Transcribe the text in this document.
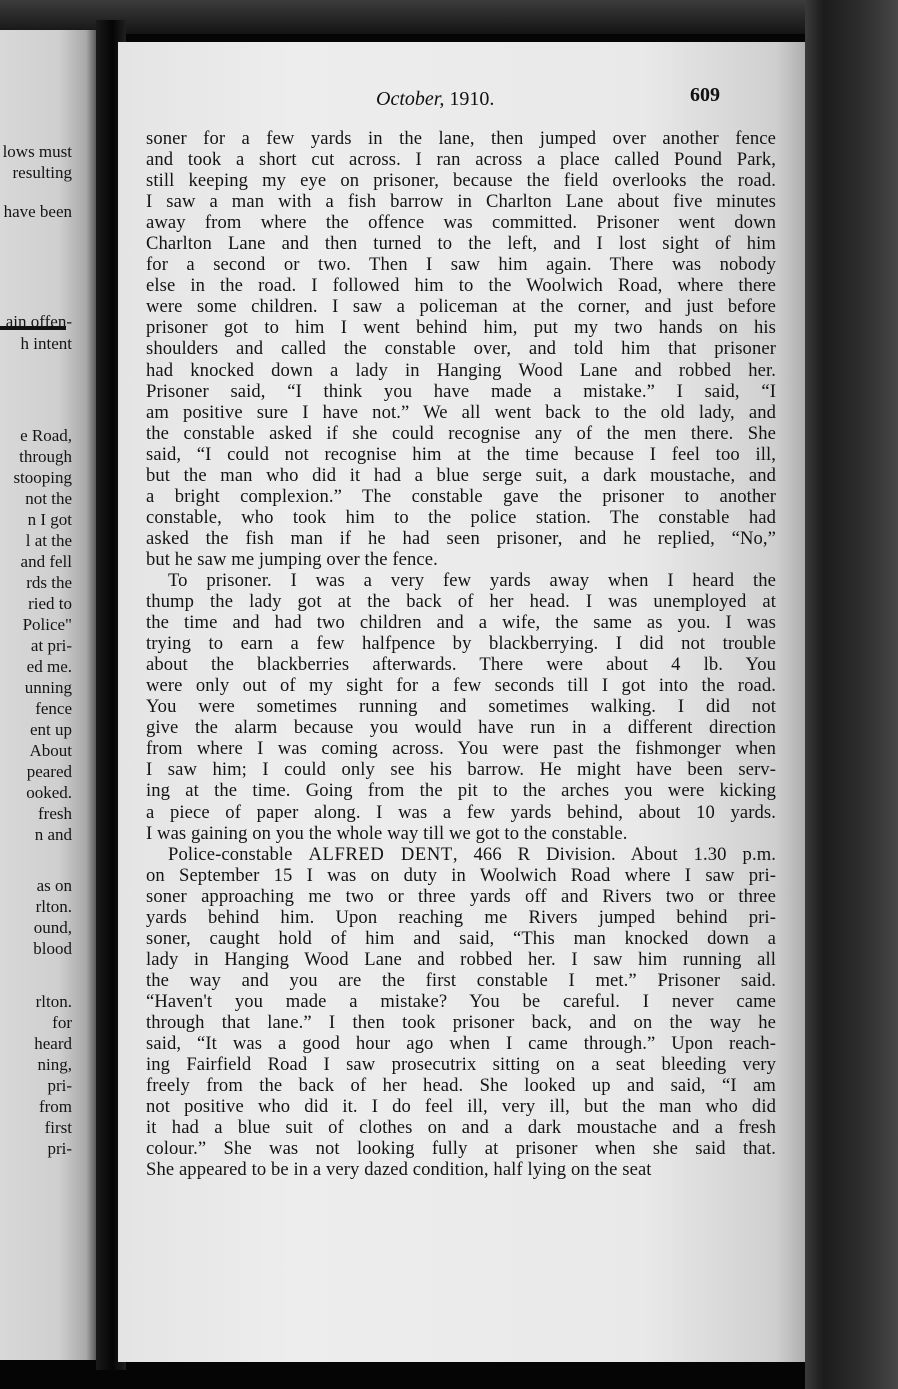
lows must
resulting
have been
ain offen-
h intent
e Road,
through
stooping
not the
n I got
l at the
and fell
rds the
ried to
Police"
at pri-
ed me.
unning
fence
ent up
About
peared
ooked.
fresh
n and
as on
rlton.
ound,
blood
rlton.
for
heard
ning,
pri-
from
first
pri-
October, 1910.	609
soner for a few yards in the lane, then jumped over another fence
and took a short cut across. I ran across a place called Pound Park,
still keeping my eye on prisoner, because the field overlooks the road.
I saw a man with a fish barrow in Charlton Lane about five minutes
away from where the offence was committed. Prisoner went down
Charlton Lane and then turned to the left, and I lost sight of him
for a second or two. Then I saw him again. There was nobody
else in the road. I followed him to the Woolwich Road, where there
were some children. I saw a policeman at the corner, and just before
prisoner got to him I went behind him, put my two hands on his
shoulders and called the constable over, and told him that prisoner
had knocked down a lady in Hanging Wood Lane and robbed her.
Prisoner said, “I think you have made a mistake.” I said, “I
am positive sure I have not.” We all went back to the old lady, and
the constable asked if she could recognise any of the men there. She
said, “I could not recognise him at the time because I feel too ill,
but the man who did it had a blue serge suit, a dark moustache, and
a bright complexion.” The constable gave the prisoner to another
constable, who took him to the police station. The constable had
asked the fish man if he had seen prisoner, and he replied, “No,”
but he saw me jumping over the fence.
To prisoner. I was a very few yards away when I heard the
thump the lady got at the back of her head. I was unemployed at
the time and had two children and a wife, the same as you. I was
trying to earn a few halfpence by blackberrying. I did not trouble
about the blackberries afterwards. There were about 4 lb. You
were only out of my sight for a few seconds till I got into the road.
You were sometimes running and sometimes walking. I did not
give the alarm because you would have run in a different direction
from where I was coming across. You were past the fishmonger when
I saw him; I could only see his barrow. He might have been serv-
ing at the time. Going from the pit to the arches you were kicking
a piece of paper along. I was a few yards behind, about 10 yards.
I was gaining on you the whole way till we got to the constable.
Police-constable ALFRED DENT, 466 R Division. About 1.30 p.m.
on September 15 I was on duty in Woolwich Road where I saw pri-
soner approaching me two or three yards off and Rivers two or three
yards behind him. Upon reaching me Rivers jumped behind pri-
soner, caught hold of him and said, “This man knocked down a
lady in Hanging Wood Lane and robbed her. I saw him running all
the way and you are the first constable I met.” Prisoner said.
“Haven't you made a mistake? You be careful. I never came
through that lane.” I then took prisoner back, and on the way he
said, “It was a good hour ago when I came through.” Upon reach-
ing Fairfield Road I saw prosecutrix sitting on a seat bleeding very
freely from the back of her head. She looked up and said, “I am
not positive who did it. I do feel ill, very ill, but the man who did
it had a blue suit of clothes on and a dark moustache and a fresh
colour.” She was not looking fully at prisoner when she said that.
She appeared to be in a very dazed condition, half lying on the seat
